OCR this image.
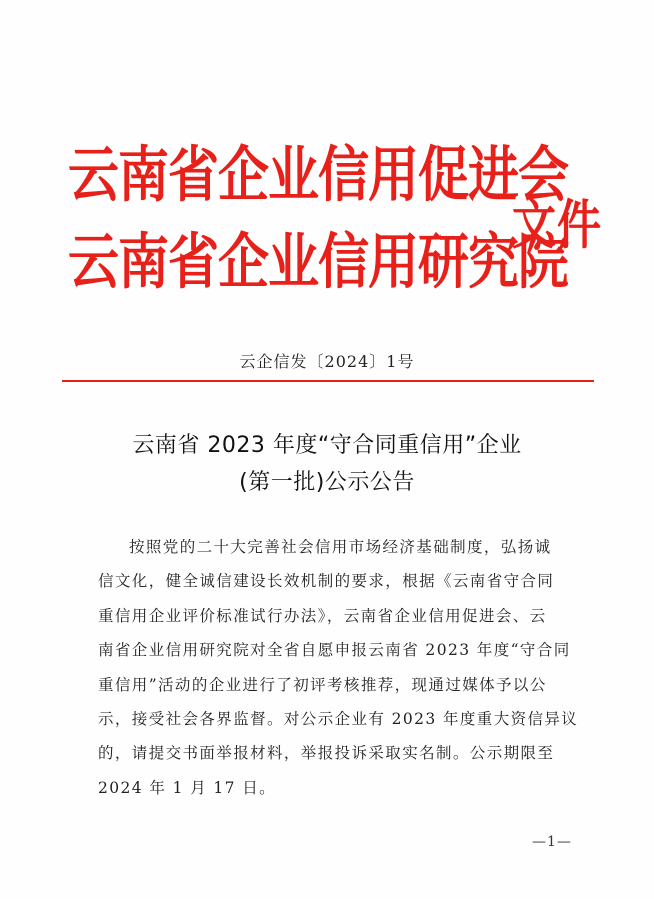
云南省企业信用促进会
云南省企业信用研究院
文件
云企信发〔2024〕1号
云南省 2023 年度“守合同重信用”企业
(第一批)公示公告
按照党的二十大完善社会信用市场经济基础制度，弘扬诚
信文化，健全诚信建设长效机制的要求，根据《云南省守合同
重信用企业评价标准试行办法》，云南省企业信用促进会、云
南省企业信用研究院对全省自愿申报云南省 2023 年度“守合同
重信用”活动的企业进行了初评考核推荐，现通过媒体予以公
示，接受社会各界监督。对公示企业有 2023 年度重大资信异议
的，请提交书面举报材料，举报投诉采取实名制。公示期限至
2024 年 1 月 17 日。
—1—
